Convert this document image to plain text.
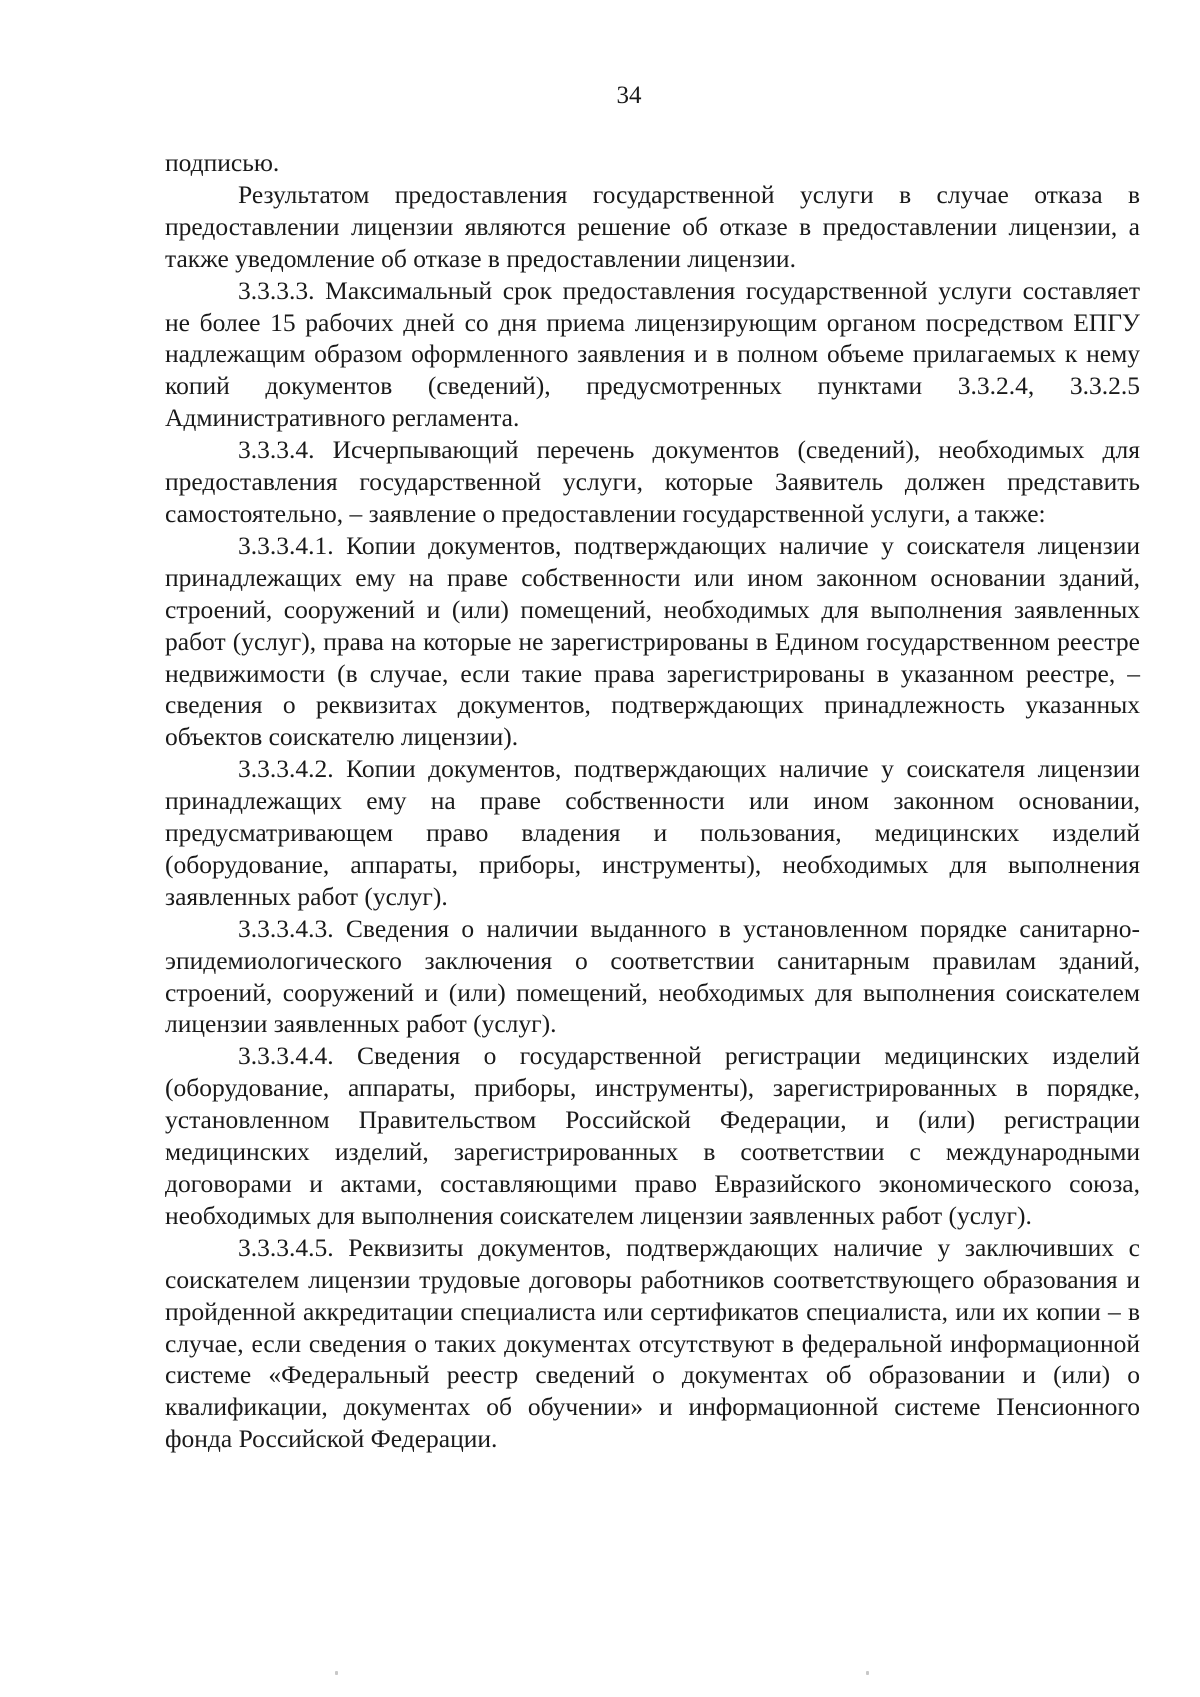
34

подписью.

Результатом предоставления государственной услуги в случае отказа в предоставлении лицензии являются решение об отказе в предоставлении лицензии, а также уведомление об отказе в предоставлении лицензии.

3.3.3.3. Максимальный срок предоставления государственной услуги составляет не более 15 рабочих дней со дня приема лицензирующим органом посредством ЕПГУ надлежащим образом оформленного заявления и в полном объеме прилагаемых к нему копий документов (сведений), предусмотренных пунктами 3.3.2.4, 3.3.2.5 Административного регламента.

3.3.3.4. Исчерпывающий перечень документов (сведений), необходимых для предоставления государственной услуги, которые Заявитель должен представить самостоятельно, – заявление о предоставлении государственной услуги, а также:

3.3.3.4.1. Копии документов, подтверждающих наличие у соискателя лицензии принадлежащих ему на праве собственности или ином законном основании зданий, строений, сооружений и (или) помещений, необходимых для выполнения заявленных работ (услуг), права на которые не зарегистрированы в Едином государственном реестре недвижимости (в случае, если такие права зарегистрированы в указанном реестре, – сведения о реквизитах документов, подтверждающих принадлежность указанных объектов соискателю лицензии).

3.3.3.4.2. Копии документов, подтверждающих наличие у соискателя лицензии принадлежащих ему на праве собственности или ином законном основании, предусматривающем право владения и пользования, медицинских изделий (оборудование, аппараты, приборы, инструменты), необходимых для выполнения заявленных работ (услуг).

3.3.3.4.3. Сведения о наличии выданного в установленном порядке санитарно-эпидемиологического заключения о соответствии санитарным правилам зданий, строений, сооружений и (или) помещений, необходимых для выполнения соискателем лицензии заявленных работ (услуг).

3.3.3.4.4. Сведения о государственной регистрации медицинских изделий (оборудование, аппараты, приборы, инструменты), зарегистрированных в порядке, установленном Правительством Российской Федерации, и (или) регистрации медицинских изделий, зарегистрированных в соответствии с международными договорами и актами, составляющими право Евразийского экономического союза, необходимых для выполнения соискателем лицензии заявленных работ (услуг).

3.3.3.4.5. Реквизиты документов, подтверждающих наличие у заключивших с соискателем лицензии трудовые договоры работников соответствующего образования и пройденной аккредитации специалиста или сертификатов специалиста, или их копии – в случае, если сведения о таких документах отсутствуют в федеральной информационной системе «Федеральный реестр сведений о документах об образовании и (или) о квалификации, документах об обучении» и информационной системе Пенсионного фонда Российской Федерации.
